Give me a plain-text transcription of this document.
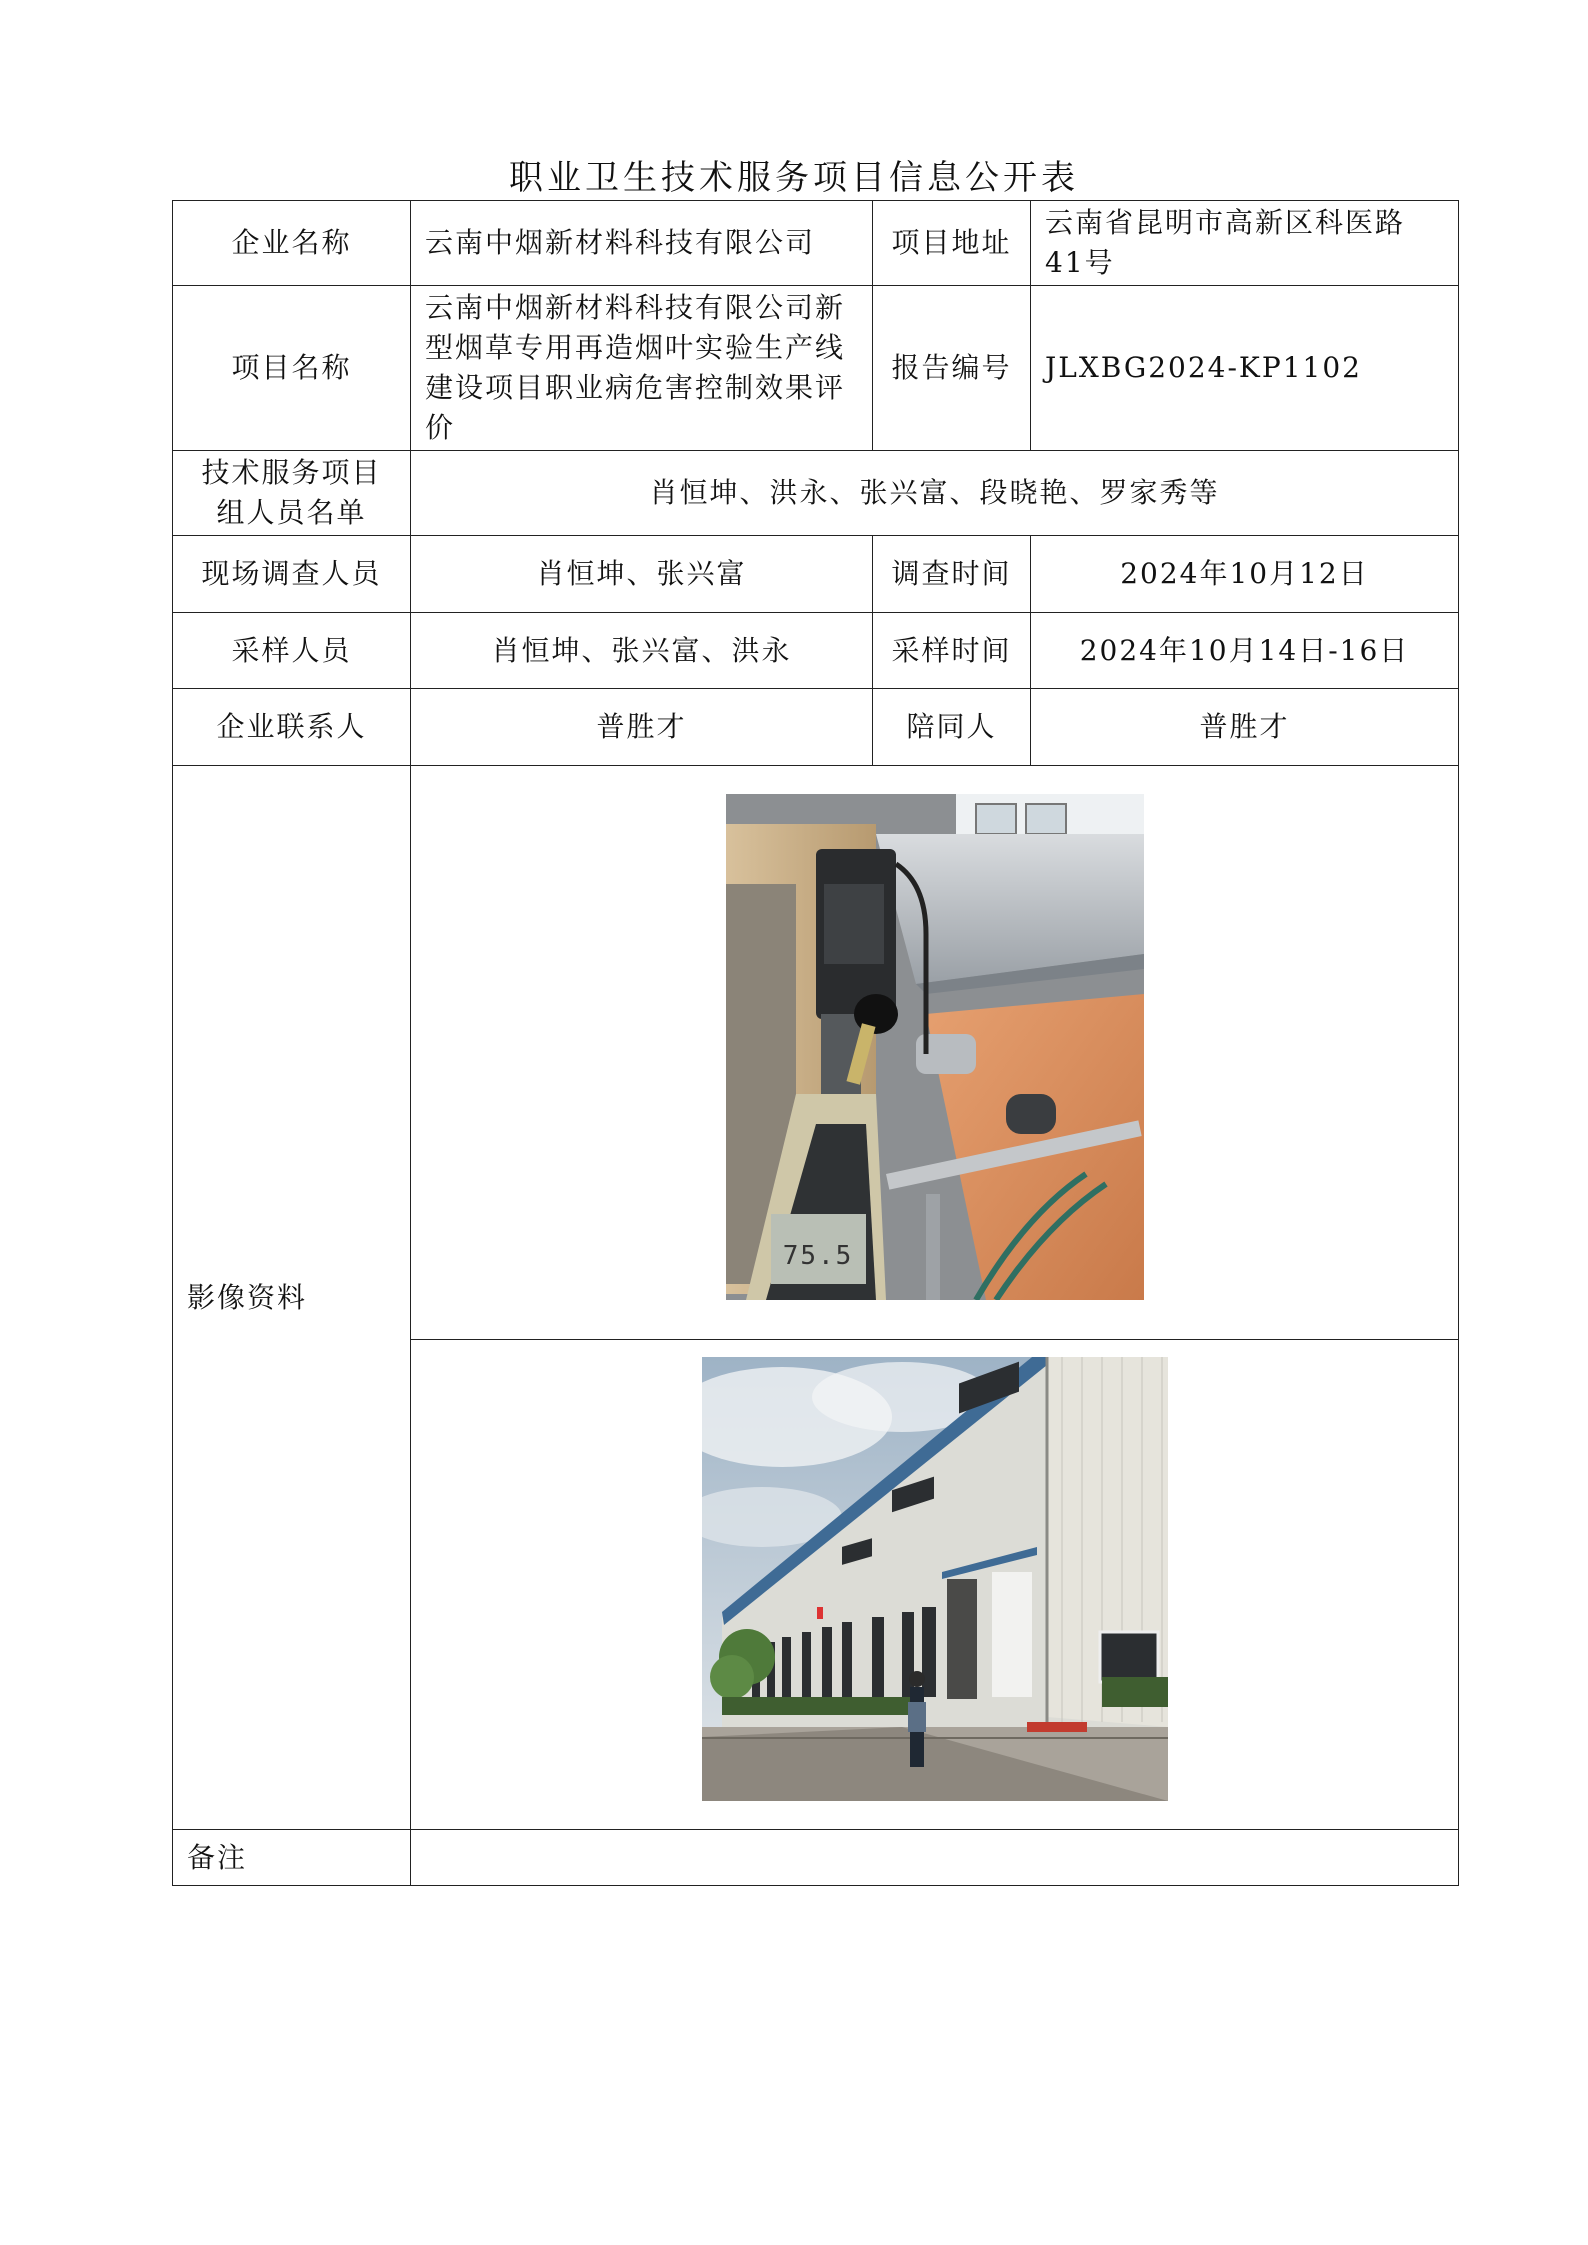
职业卫生技术服务项目信息公开表
企业名称	云南中烟新材料科技有限公司	项目地址	云南省昆明市高新区科医路41号
项目名称	云南中烟新材料科技有限公司新型烟草专用再造烟叶实验生产线建设项目职业病危害控制效果评价	报告编号	JLXBG2024-KP1102
技术服务项目组人员名单	肖恒坤、洪永、张兴富、段晓艳、罗家秀等		
现场调查人员	肖恒坤、张兴富	调查时间	2024年10月12日
采样人员	肖恒坤、张兴富、洪永	采样时间	2024年10月14日-16日
企业联系人	普胜才	陪同人	普胜才
影像资料	75.5		

备注			
